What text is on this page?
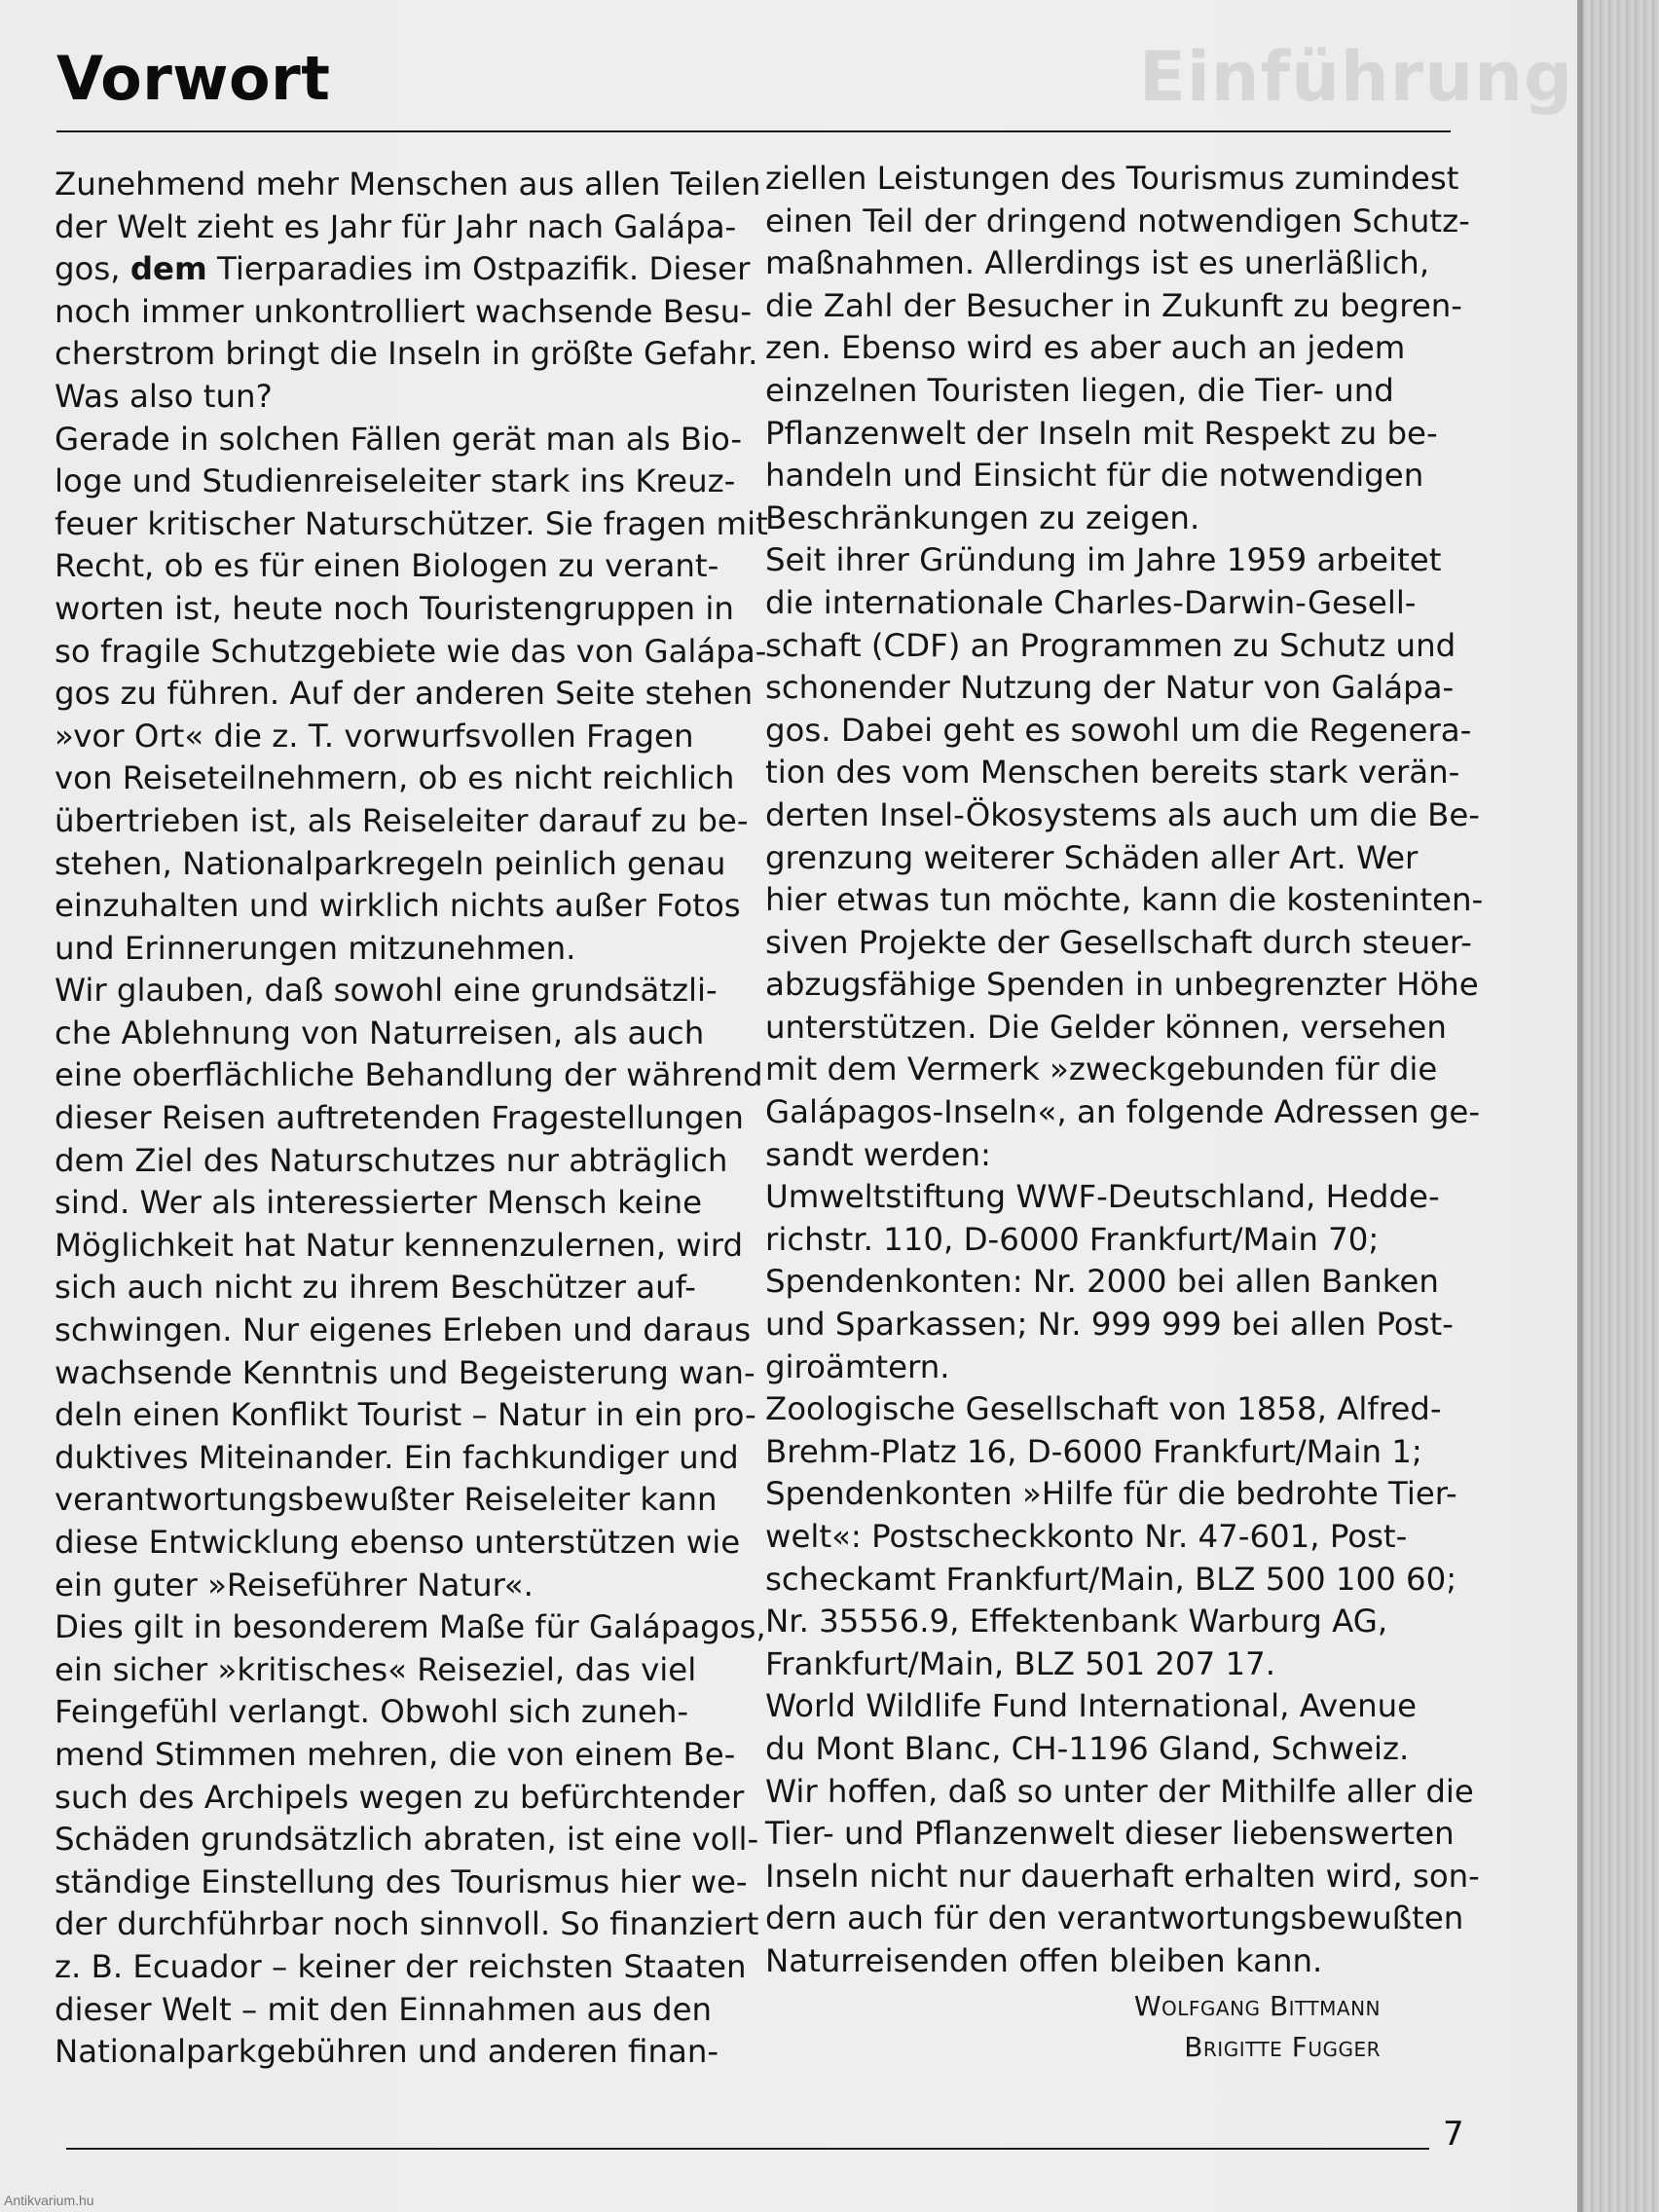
Einführung
Vorwort

Zunehmend mehr Menschen aus allen Teilen

der Welt zieht es Jahr für Jahr nach Galápa-

gos, dem Tierparadies im Ostpazifik. Dieser

noch immer unkontrolliert wachsende Besu-

cherstrom bringt die Inseln in größte Gefahr.

Was also tun?

Gerade in solchen Fällen gerät man als Bio-

loge und Studienreiseleiter stark ins Kreuz-

feuer kritischer Naturschützer. Sie fragen mit

Recht, ob es für einen Biologen zu verant-

worten ist, heute noch Touristengruppen in

so fragile Schutzgebiete wie das von Galápa-

gos zu führen. Auf der anderen Seite stehen

»vor Ort« die z. T. vorwurfsvollen Fragen

von Reiseteilnehmern, ob es nicht reichlich

übertrieben ist, als Reiseleiter darauf zu be-

stehen, Nationalparkregeln peinlich genau

einzuhalten und wirklich nichts außer Fotos

und Erinnerungen mitzunehmen.

Wir glauben, daß sowohl eine grundsätzli-

che Ablehnung von Naturreisen, als auch

eine oberflächliche Behandlung der während

dieser Reisen auftretenden Fragestellungen

dem Ziel des Naturschutzes nur abträglich

sind. Wer als interessierter Mensch keine

Möglichkeit hat Natur kennenzulernen, wird

sich auch nicht zu ihrem Beschützer auf-

schwingen. Nur eigenes Erleben und daraus

wachsende Kenntnis und Begeisterung wan-

deln einen Konflikt Tourist – Natur in ein pro-

duktives Miteinander. Ein fachkundiger und

verantwortungsbewußter Reiseleiter kann

diese Entwicklung ebenso unterstützen wie

ein guter »Reiseführer Natur«.

Dies gilt in besonderem Maße für Galápagos,

ein sicher »kritisches« Reiseziel, das viel

Feingefühl verlangt. Obwohl sich zuneh-

mend Stimmen mehren, die von einem Be-

such des Archipels wegen zu befürchtender

Schäden grundsätzlich abraten, ist eine voll-

ständige Einstellung des Tourismus hier we-

der durchführbar noch sinnvoll. So finanziert

z. B. Ecuador – keiner der reichsten Staaten

dieser Welt – mit den Einnahmen aus den

Nationalparkgebühren und anderen finan-

ziellen Leistungen des Tourismus zumindest

einen Teil der dringend notwendigen Schutz-

maßnahmen. Allerdings ist es unerläßlich,

die Zahl der Besucher in Zukunft zu begren-

zen. Ebenso wird es aber auch an jedem

einzelnen Touristen liegen, die Tier- und

Pflanzenwelt der Inseln mit Respekt zu be-

handeln und Einsicht für die notwendigen

Beschränkungen zu zeigen.

Seit ihrer Gründung im Jahre 1959 arbeitet

die internationale Charles-Darwin-Gesell-

schaft (CDF) an Programmen zu Schutz und

schonender Nutzung der Natur von Galápa-

gos. Dabei geht es sowohl um die Regenera-

tion des vom Menschen bereits stark verän-

derten Insel-Ökosystems als auch um die Be-

grenzung weiterer Schäden aller Art. Wer

hier etwas tun möchte, kann die kosteninten-

siven Projekte der Gesellschaft durch steuer-

abzugsfähige Spenden in unbegrenzter Höhe

unterstützen. Die Gelder können, versehen

mit dem Vermerk »zweckgebunden für die

Galápagos-Inseln«, an folgende Adressen ge-

sandt werden:

Umweltstiftung WWF-Deutschland, Hedde-

richstr. 110, D-6000 Frankfurt/Main 70;

Spendenkonten: Nr. 2000 bei allen Banken

und Sparkassen; Nr. 999 999 bei allen Post-

giroämtern.

Zoologische Gesellschaft von 1858, Alfred-

Brehm-Platz 16, D-6000 Frankfurt/Main 1;

Spendenkonten »Hilfe für die bedrohte Tier-

welt«: Postscheckkonto Nr. 47-601, Post-

scheckamt Frankfurt/Main, BLZ 500 100 60;

Nr. 35556.9, Effektenbank Warburg AG,

Frankfurt/Main, BLZ 501 207 17.

World Wildlife Fund International, Avenue

du Mont Blanc, CH-1196 Gland, Schweiz.

Wir hoffen, daß so unter der Mithilfe aller die

Tier- und Pflanzenwelt dieser liebenswerten

Inseln nicht nur dauerhaft erhalten wird, son-

dern auch für den verantwortungsbewußten

Naturreisenden offen bleiben kann.

Wolfgang Bittmann
Brigitte Fugger
7
Antikvarium.hu
